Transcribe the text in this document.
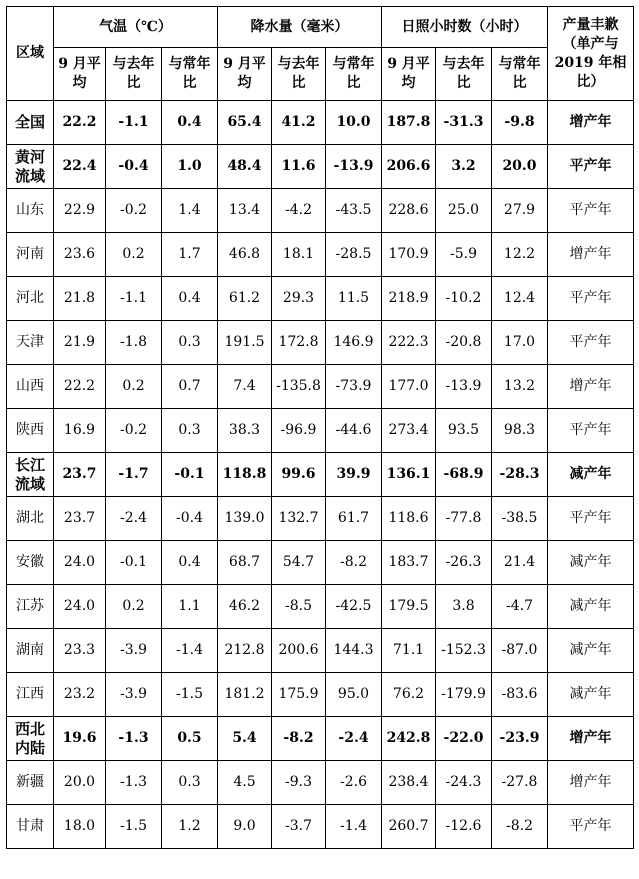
区域	气温（℃）			降水量（毫米）			日照小时数（小时）			产量丰歉
（单产与
2019 年相
比）

	9 月平
均	与去年
比	与常年
比	9 月平
均	与去年
比	与常年
比	9 月平
均	与去年
比	与常年
比	

全国	22.2	-1.1	0.4	65.4	41.2	10.0	187.8	-31.3	-9.8	增产年

黄河
流域	22.4	-0.4	1.0	48.4	11.6	-13.9	206.6	3.2	20.0	平产年

山东	22.9	-0.2	1.4	13.4	-4.2	-43.5	228.6	25.0	27.9	平产年

河南	23.6	0.2	1.7	46.8	18.1	-28.5	170.9	-5.9	12.2	增产年

河北	21.8	-1.1	0.4	61.2	29.3	11.5	218.9	-10.2	12.4	平产年

天津	21.9	-1.8	0.3	191.5	172.8	146.9	222.3	-20.8	17.0	平产年

山西	22.2	0.2	0.7	7.4	-135.8	-73.9	177.0	-13.9	13.2	增产年

陕西	16.9	-0.2	0.3	38.3	-96.9	-44.6	273.4	93.5	98.3	平产年

长江
流域	23.7	-1.7	-0.1	118.8	99.6	39.9	136.1	-68.9	-28.3	减产年

湖北	23.7	-2.4	-0.4	139.0	132.7	61.7	118.6	-77.8	-38.5	平产年

安徽	24.0	-0.1	0.4	68.7	54.7	-8.2	183.7	-26.3	21.4	减产年

江苏	24.0	0.2	1.1	46.2	-8.5	-42.5	179.5	3.8	-4.7	减产年

湖南	23.3	-3.9	-1.4	212.8	200.6	144.3	71.1	-152.3	-87.0	减产年

江西	23.2	-3.9	-1.5	181.2	175.9	95.0	76.2	-179.9	-83.6	减产年

西北
内陆	19.6	-1.3	0.5	5.4	-8.2	-2.4	242.8	-22.0	-23.9	增产年

新疆	20.0	-1.3	0.3	4.5	-9.3	-2.6	238.4	-24.3	-27.8	增产年

甘肃	18.0	-1.5	1.2	9.0	-3.7	-1.4	260.7	-12.6	-8.2	平产年
